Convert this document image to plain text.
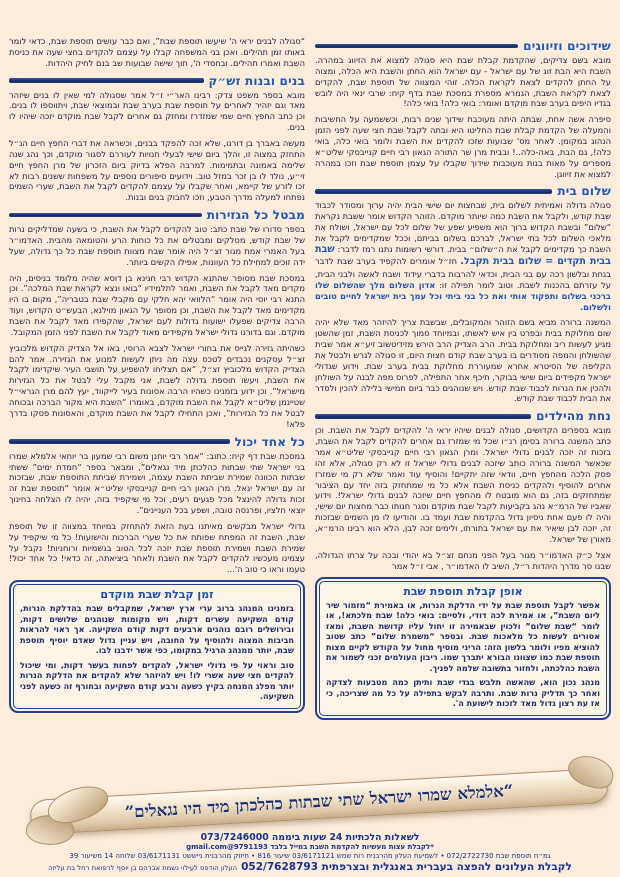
שידוכים וזיווגים

מובא בשם צדיקים, שהקדמת קבלת שבת היא סגולה למצוא את הזיווג במהרה. השבת היא הבת זוג של עם ישראל - עם ישראל הוא החתן והשבת היא הכלה, ומצוה על החתן להקדים לצאת לקראת הכלה. זוהי המצווה של תוספת שבת, להקדים לצאת לקראת השבת, הגמרא מספרת במסכת שבת בדף קיח: שרבי ינאי היה לובש בגדיו היפים בערב שבת מוקדם ואומר: בואי כלה! בואי כלה!

סיפרה אשה אחת, שבתה היתה מעוכבת שידוך שנים רבות, וכששמעה על החשיבות והמעלה של הקדמת קבלת שבת החליטו היא ובתה לקבל שבת חצי שעה לפני הזמן הנהוג במקומן. לאחר מס' שבועות שזכו להקדים את השבת ולומר בואי כלה, בואי כלה!, גם הבת, באה-כלה..! ובבית מרן שר התורה הגאון רבי חיים קנייבסקי שליט״א מספרים על מאות בנות מעוכבות שידוך שקבלו על עצמן תוספת שבת וזכו במהרה למצוא את זיווגן.

שלום בית

סגולה גדולה ואמיתית לשלום בית, שבחצות יום שישי הבית יהיה ערוך ומסודר לכבוד שבת קודש, ולקבל את השבת כמה שיותר מוקדם. הזוהר הקדוש אומר ששבת נקראת “שלום” ובשבת הקדוש ברוך הוא משפיע שפע של שלום לכל עם ישראל, ושולח את מלאכי השלום לכל בתי ישראל, לברכם בשלום בביתם, וככל שמקדימים לקבל את השבת כך מקדימים לקבל את ה״שלום״ בבית. דורשי רשומות נתנו רמז לדבר: שבת בבית תקדים = שלום בבית תקבל. חז״ל אומרים להקפיד בערב שבת לדבר בנחת ובלשון רכה עם בני הבית, וכדאי להרבות בדברי עידוד ושבח לאשה ולבני הבית, על עזרתם בהכנות לשבת. וטוב לומר תפילה זו: אדון השלום מלך שהשלום שלו ברכני בשלום ותפקוד אותי ואת כל בני ביתי וכל עמך בית ישראל לחיים טובים ולשלום.

המשנה ברורה מביא בשם הזוהר והמקובלים, שבשבת צריך להיזהר מאד שלא יהיה שום מחלוקת בבית ובפרט בין איש לאשתו, ובמיוחד סמוך לכניסת השבת, זמן שהשטן מגיע לעשות ריב ומחלוקת בבית. הרב הצדיק הרב הירש מזידיטשוב זיע״א אמר שבית שהשולחן והמפה מסודרים בו בערב שבת קודם חצות היום, זו סגולה לגרש ולבטל את הקליפה של הסיטרא אחרא שמעוררת מחלוקת בבית בערב שבת. וידוע שגדולי ישראל מקפידים ביום שישי בבוקר, תיכף אחר התפילה, לפרוס מפה לבנה על השולחן ולהכין את הנרות לכבוד שבת קודש. ויש שנוהגים כבר ביום חמישי בלילה להכין ולסדר את הבית לכבוד שבת קודש.

נחת מהילדים

מובא בספרים הקדושים, סגולה לבנים שיהיו יראי ה' להקדים לקבל את השבת. וכן כתב המשנה ברורה בסימן רנ״ו שכל מי שמזרז גם אחרים להקדים לקבל את השבת, בזכות זה יזכה לבנים גדולי ישראל. ומרן הגאון רבי חיים קנייבסקי שליט״א אמר שכאשר המשנה ברורה כותב שיזכה לבנים גדולי ישראל זו לא רק סגולה, אלא זהו פסק הלכה מהחפץ חיים, וודאי שזה יתקיים! והוסיף עוד ואמר שלא רק מי שמזרז אחרים להוסיף ולהקדים כניסת השבת אלא כל מי שמתחזק בזה יחד עם הציבור שמתחזקים בזה, גם הוא מובטח לו מהחפץ חיים שיזכה לבנים גדולי ישראל!. וידוע שאביו של הרמ״א נהג בקביעות לקבל שבת מוקדם וסגר חנותו כבר מחצות יום שישי, והיה לו פעם אחת ניסיון גדול בהקדמת שבת ועמד בו. והודיעו לו מן השמים שבזכות זה, יזכה לבן שיאיר את עם ישראל בתורתו, ולימים זכה לבן, הלא הוא רבינו הרמ״א, מאורן של ישראל.

אצל כ״ק האדמו״ר מגור בעל הפני מנחם זצ״ל בא יהודי ובכה על צרתו הגדולה, שבנו סר מדרך היהדות ר״ל, השיב לו האדמו״ר , אבי ז״ל אמר

אופן קבלת תוספת שבת

אפשר לקבל תוספת שבת על ידי הדלקת הנרות, או באמירת “מזמור שיר ליום השבת”, או אמירת לכה דודי, ולסיים: בואי כלה! שבת מלכתא!, או לומר “שבת שלום” ולכוין שבאמירה זו יחול עליו קדושת השבת, ומאז אסורים לעשות כל מלאכות שבת. ובספר “משמרת שלום” כתב שטוב להוציא מפיו ולומר בלשון הזה: הריני מוסיף מחול על הקודש לקיים מצות תוספת שבת כמו שצוונו הבורא יתברך שמו. ריבון העולמים זכני לשמור את השבת כהלכתה, ולחזור בתשובה שלמה לפניך.

מנהג נכון הוא, שהאשה תלבש בגדי שבת ותיתן כמה מטבעות לצדקה ואחר כך תדליק נרות שבת. ותרבה לבקש בתפילה על כל מה שצריכה, כי אז עת רצון גדול מאד לזכות לישועת ה'.

“סגולה לבנים יראי ה' שיעשו תוספת שבת”, ואם כבר עושים תוספת שבת, כדאי לומר באותו זמן תהילים. ואכן בני המשפחה קבלו על עצמם להקדים בחצי שעה את כניסת השבת ואמרו תהילים. ובחסדי ה', תוך שישה שבועות שב בנם לחיק היהדות.

בנים ובנות זש״ק

מובא בספר משפט צדק: רבינו האר״י ז״ל אמר שסגולה למי שאין לו בנים שיזהר מאד וגם יזהיר לאחרים על תוספת שבת בערב שבת ובמוצאי שבת, ויתווספו לו בנים. וכן כתב החפץ חיים שמי שמזדרז ומחזק גם אחרים לקבל שבת מוקדם יזכה שיהיו לו בנים.

מעשה באברך בן דורנו, שלא זכה להפקד בבנים, וכשראה את דברי החפץ חיים הנ״ל התחזק במצוה זו, והלך ביום שישי לבעלי חנויות לעוררם לסגור מוקדם, וכך נהג שנה שלימה באמונה ובתמימות. למרבה הפלא בדיוק ביום הזכרון של מרן החפץ חיים זי״ע, נולד לו בן זכר במזל טוב. וידועים סיפורים נוספים על משפחות ששנים רבות לא זכו לזרע של קיימא, ואחר שקבלו על עצמם להקדים לקבל את השבת, שערי השמים נפתחו למעלה מדרך הטבע, וזכו לחבוק בנים ובנות.

מבטל כל הגזירות

בספר סדורו של שבת כתב: טוב להקדים לקבל את השבת, כי בשעה שמדליקים נרות של שבת קודש, מסלקים ומבטלים את כל כוחות הרע והטומאה מהבית. האדמו״ר בעל האמרי אמת מגור זצ״ל היה אומר שבח מצוות תוספת שבת כל כך גדולה, שעל ידה זוכים למחילת כל העוונות, אפילו הקשים ביותר.

במסכת שבת מסופר שהתנא הקדוש רבי חנינא בן דוסא שהיה מלומד בניסים, היה מקדים מאד לקבל את השבת, ואמר לתלמידיו “בואו ונצא לקראת שבת המלכה”. וכן התנא רבי יוסי היה אומר “הלוואי יהא חלקי עם מקבלי שבת בטבריה”, מקום בו היו מקדימים מאד לקבל את השבת, וכן מסופר על הגאון מוילנא, הבעש״ט הקדוש, ועוד הרבה צדיקים שפעלו ישועות גדולות לעם ישראל, שהקפידו מאד לקבל את השבת מוקדם. וגם בדורנו גדולי ישראל מקפידים מאוד לקבל את השבת לפני הזמן המקובל.

כשהיתה גזירה לגייס את בחורי ישראל לצבא הרוסי, באו אל הצדיק הקדוש מלכוביץ זצ״ל עסקנים נכבדים לטכס עצה מה ניתן לעשות למנוע את הגזירה. אמר להם הצדיק הקדוש מלכוביץ זצ״ל, “אם תצליחו להשפיע על תושבי העיר שיקדימו לקבל את השבת, ויעשו תוספת גדולה לשבת, אני מקבל עלי לבטל את כל הגזירות מישראל”. וכן ידוע בזמנינו כשהיו הרבה אסונות בעיר לייקווד, יעץ להם מרן הגראי״ל שטיינמן שליט״א לקבל את השבת מוקדם, באומרו “השבת היא מקור הברכה ובכוחה לבטל את כל הגזירות”, ואכן התחילו לקבל את השבת מוקדם, והאסונות פסקו בדרך פלא!

כל אחד יכול

במסכת שבת דף קיח: כתוב: “אמר רבי יוחנן משום רבי שמעון בר יוחאי אלמלא שמרו בני ישראל שתי שבתות כהלכתן מיד נגאלים”, ומבאר בספר “חמדת ימים” ששתי שבתות הכוונה שמירת שביתת השבת עצמה, ושמירת שביתת התוספת שבת, שבזכות זה עם ישראל יגאל. מרן הגאון רבי חיים קנייבסקי שליט״א אומר “תוספת שבת זה זכות גדולה להינצל מכל פגעים רעים, וכל מי שיקפיד בזה, יהיה לו הצלחה בחינוך יוצאי חלציו, ופרנסה טובה, ושפע בכל העניינים”.

גדולי ישראל מבקשים מאיתנו בעת הזאת להתחזק במיוחד במצווה זו של תוספת שבת, השבת זה המפתח שפותח את כל שערי הברכות והישועות! כל מי שיקפיד על שמירת השבת ושמירת תוספת שבת יזכה לכל הטוב בגשמיות ורוחניות! נקבל על עצמינו מעכשיו להקדים לקבל את השבת ולאחר ביציאתה, זה כדאי! כל אחד יכול! טעמו וראו כי טוב ה'...

זמן קבלת שבת מוקדם

בזמנינו המנהג ברוב ערי ארץ ישראל, שמקבלים שבת בהדלקת הנרות, קודם השקיעה עשרים דקות, ויש מקומות שנוהגים שלושים דקות, ובירושלים רובם נוהגים ארבעים דקות קודם השקיעה. אך ראוי להראות חביבות המצוה ולהוסיף על החובה, ויש עניין גדול שאדם יוסיף תוספת שבת, יותר ממנהג הרגיל במקומו, כפי אשר ידבנו לבו.

טוב וראוי על פי גדולי ישראל, להקדים לפחות בעשר דקות, ומי שיכול להקדים חצי שעה אשרי לו! ויש להיזהר שלא להקדים את הדלקת הנרות יותר מפלג המנחה בקיץ כשעה ורבע קודם השקיעה ובחורף זה כשעה לפני השקיעה.

“אלמלא שמרו ישראל שתי שבתות כהלכתן מיד היו נגאלים”
לשאלות הלכתיות 24 שעות ביממה 073/7246000
*לקבלת עצות מעשיות להקדמת השבת במייל בלבד 9791193@gmail.com
גמ״ח תוספת שבת 072/2722730 • לשמיעת העלון מהרבנית רות שמש 03/6171121 שיעור 816 • חיזוק מהרבנית נייששט 03/6171131 שלוחה 14 משיעור 39
לקבלת העלונים להפצה בעברית באנגלית ובצרפתית 052/7628793העלון הודפס לעילוי נשמת אברהם בן יוסף לרפואת רחל בת עליזה
